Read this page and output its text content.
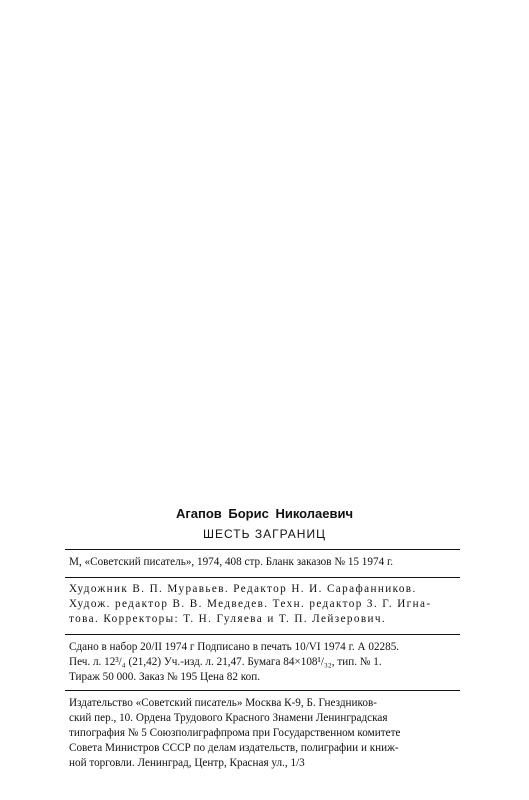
Агапов Борис Николаевич
ШЕСТЬ ЗАГРАНИЦ
М, «Советский писатель», 1974, 408 стр. Бланк заказов № 15 1974 г.
Художник В. П. Муравьев. Редактор Н. И. Сарафанников. Худож. редактор В. В. Медведев. Техн. редактор З. Г. Игна- това. Корректоры: Т. Н. Гуляева и Т. П. Лейзерович.
Сдано в набор 20/II 1974 г Подписано в печать 10/VI 1974 г. А 02285. Печ. л. 12³/₄ (21,42) Уч.-изд. л. 21,47. Бумага 84×108¹/₃₂, тип. № 1. Тираж 50 000. Заказ № 195 Цена 82 коп.
Издательство «Советский писатель» Москва К-9, Б. Гнездников- ский пер., 10. Ордена Трудового Красного Знамени Ленинградская типография № 5 Союзполиграфпрома при Государственном комитете Совета Министров СССР по делам издательств, полиграфии и книж- ной торговли. Ленинград, Центр, Красная ул., 1/3
